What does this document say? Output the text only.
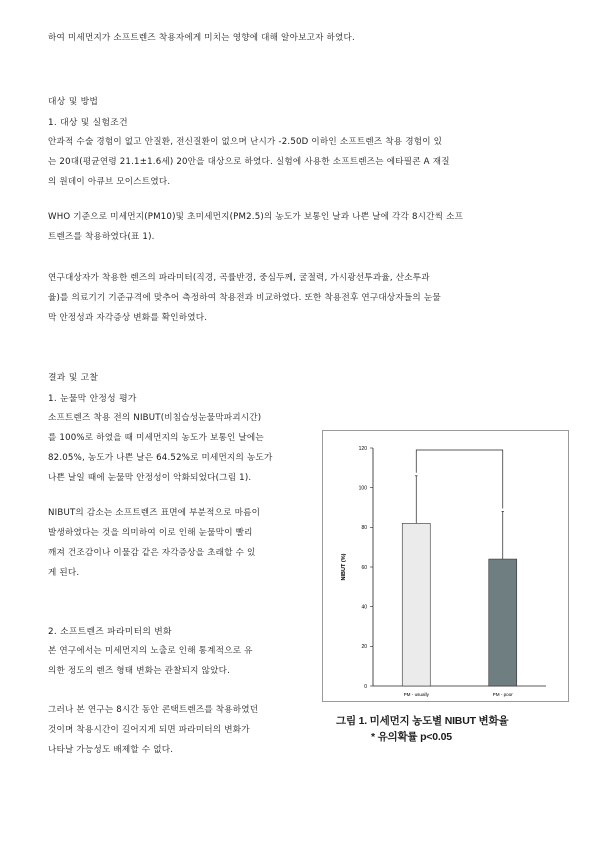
하여 미세먼지가 소프트렌즈 착용자에게 미치는 영향에 대해 알아보고자 하였다.

대상 및 방법

1. 대상 및 실험조건

안과적 수술 경험이 없고 안질환, 전신질환이 없으며 난시가 -2.50D 이하인 소프트렌즈 착용 경험이 있
는 20대(평균연령 21.1±1.6세) 20안을 대상으로 하였다. 실험에 사용한 소프트렌즈는 에타필콘 A 재질
의 원데이 아큐브 모이스트였다.

WHO 기준으로 미세먼지(PM10)및 초미세먼지(PM2.5)의 농도가 보통인 날과 나쁜 날에 각각 8시간씩 소프
트렌즈를 착용하였다(표 1).

연구대상자가 착용한 렌즈의 파라미터(직경, 곡률반경, 중심두께, 굴절력, 가시광선투과율, 산소투과
율)를 의료기기 기준규격에 맞추어 측정하여 착용전과 비교하였다. 또한 착용전후 연구대상자들의 눈물
막 안정성과 자각증상 변화를 확인하였다.

결과 및 고찰

1. 눈물막 안정성 평가

소프트렌즈 착용 전의 NIBUT(비침습성눈물막파괴시간)
를 100%로 하였을 때 미세먼지의 농도가 보통인 날에는
82.05%, 농도가 나쁜 날은 64.52%로 미세먼지의 농도가
나쁜 날일 때에 눈물막 안정성이 악화되었다(그림 1).

NIBUT의 감소는 소프트렌즈 표면에 부분적으로 마름이
발생하였다는 것을 의미하여 이로 인해 눈물막이 빨리
깨져 건조감이나 이물감 같은 자각증상을 초래할 수 있
게 된다.

2. 소프트렌즈 파라미터의 변화

본 연구에서는 미세먼지의 노출로 인해 통계적으로 유
의한 정도의 렌즈 형태 변화는 관찰되지 않았다.

그러나 본 연구는 8시간 동안 콘택트렌즈를 착용하였던
것이며 착용시간이 길어지게 되면 파라미터의 변화가
나타날 가능성도 배제할 수 없다.

NIBUT (%)
0
20
40
60
80
100
120
PM - usually	PM - poor

그림 1. 미세먼지 농도별 NIBUT 변화율

* 유의확률 p<0.05
